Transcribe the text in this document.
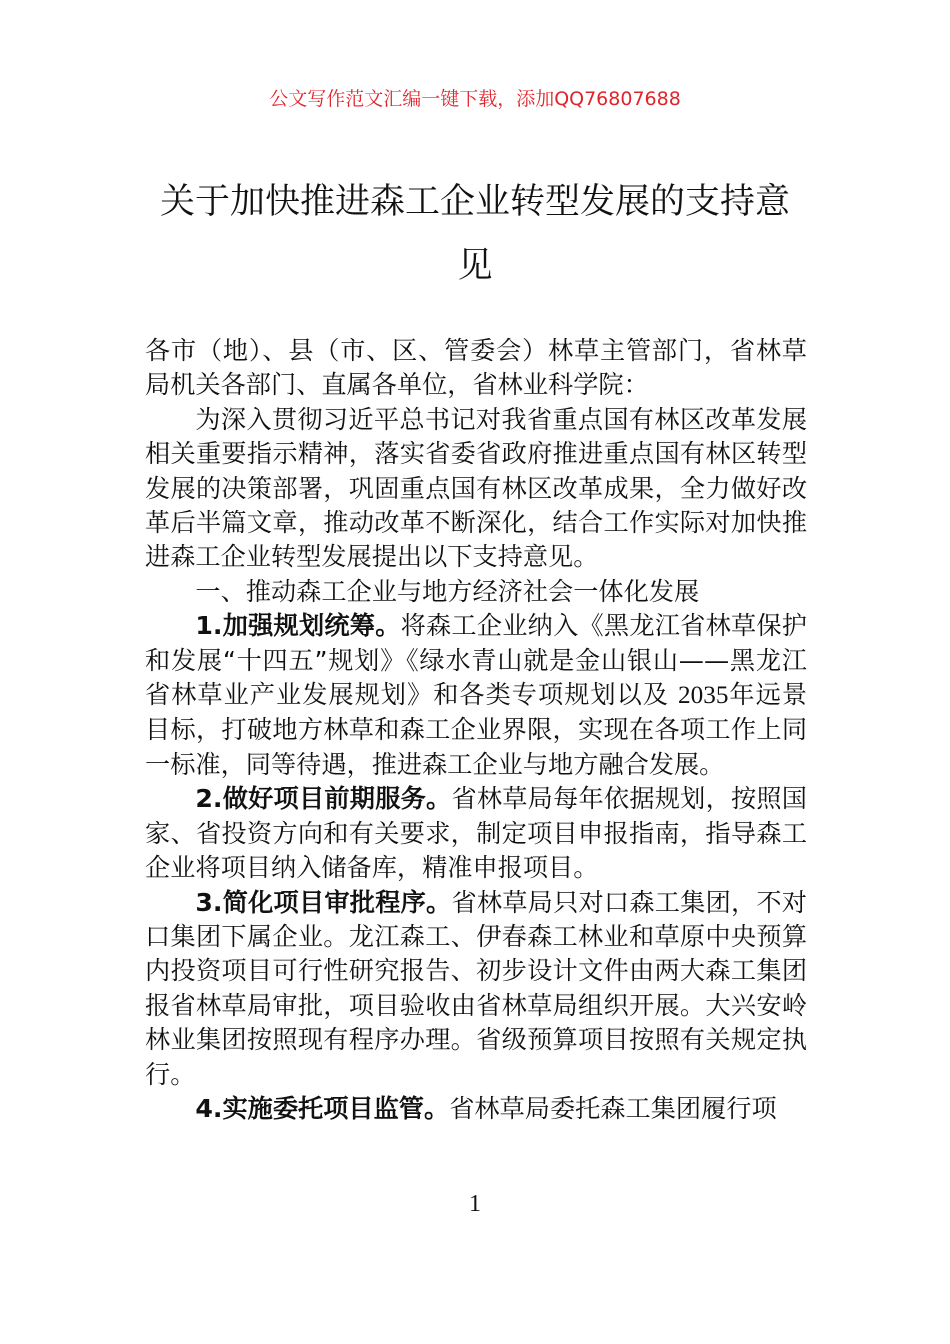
公文写作范文汇编一键下载，添加QQ76807688
关于加快推进森工企业转型发展的支持意
见

各市（地）、县（市、区、管委会）林草主管部门，省林草局机关各部门、直属各单位，省林业科学院：

为深入贯彻习近平总书记对我省重点国有林区改革发展相关重要指示精神，落实省委省政府推进重点国有林区转型发展的决策部署，巩固重点国有林区改革成果，全力做好改革后半篇文章，推动改革不断深化，结合工作实际对加快推进森工企业转型发展提出以下支持意见。

一、推动森工企业与地方经济社会一体化发展

1.加强规划统筹。将森工企业纳入《黑龙江省林草保护和发展“十四五”规划》《绿水青山就是金山银山——黑龙江省林草业产业发展规划》和各类专项规划以及 2035年远景目标，打破地方林草和森工企业界限，实现在各项工作上同一标准，同等待遇，推进森工企业与地方融合发展。

2.做好项目前期服务。省林草局每年依据规划，按照国家、省投资方向和有关要求，制定项目申报指南，指导森工企业将项目纳入储备库，精准申报项目。

3.简化项目审批程序。省林草局只对口森工集团，不对口集团下属企业。龙江森工、伊春森工林业和草原中央预算内投资项目可行性研究报告、初步设计文件由两大森工集团报省林草局审批，项目验收由省林草局组织开展。大兴安岭林业集团按照现有程序办理。省级预算项目按照有关规定执行。

4.实施委托项目监管。省林草局委托森工集团履行项

1
